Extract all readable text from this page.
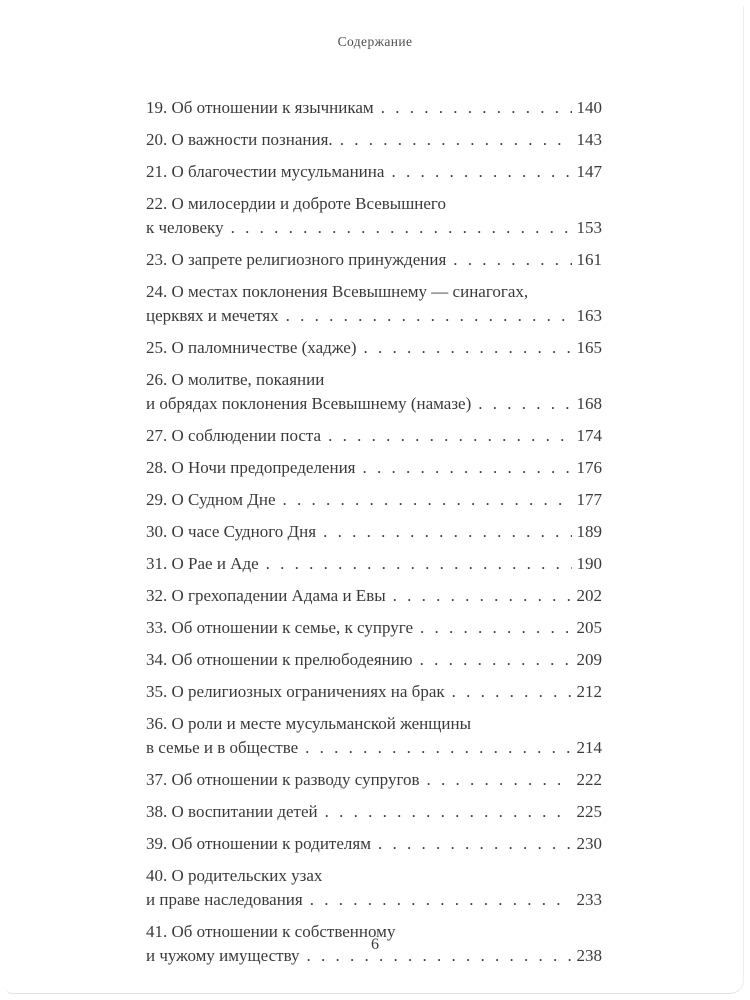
Содержание
19. Об отношении к язычникам . . .	140
20. О важности познания. . . .	143
21. О благочестии мусульманина . . .	147
22. О милосердии и доброте Всевышнего
к человеку . . .	153
23. О запрете религиозного принуждения . . .	161
24. О местах поклонения Всевышнему — синагогах,
церквях и мечетях . . .	163
25. О паломничестве (хадже) . . .	165
26. О молитве, покаянии
и обрядах поклонения Всевышнему (намазе) . . .	168
27. О соблюдении поста . . .	174
28. О Ночи предопределения . . .	176
29. О Судном Дне . . .	177
30. О часе Судного Дня . . .	189
31. О Рае и Аде . . .	190
32. О грехопадении Адама и Евы . . .	202
33. Об отношении к семье, к супруге . . .	205
34. Об отношении к прелюбодеянию . . .	209
35. О религиозных ограничениях на брак . . .	212
36. О роли и месте мусульманской женщины
в семье и в обществе . . .	214
37. Об отношении к разводу супругов . . .	222
38. О воспитании детей . . .	225
39. Об отношении к родителям . . .	230
40. О родительских узах
и праве наследования . . .	233
41. Об отношении к собственному
и чужому имуществу . . .	238
6
